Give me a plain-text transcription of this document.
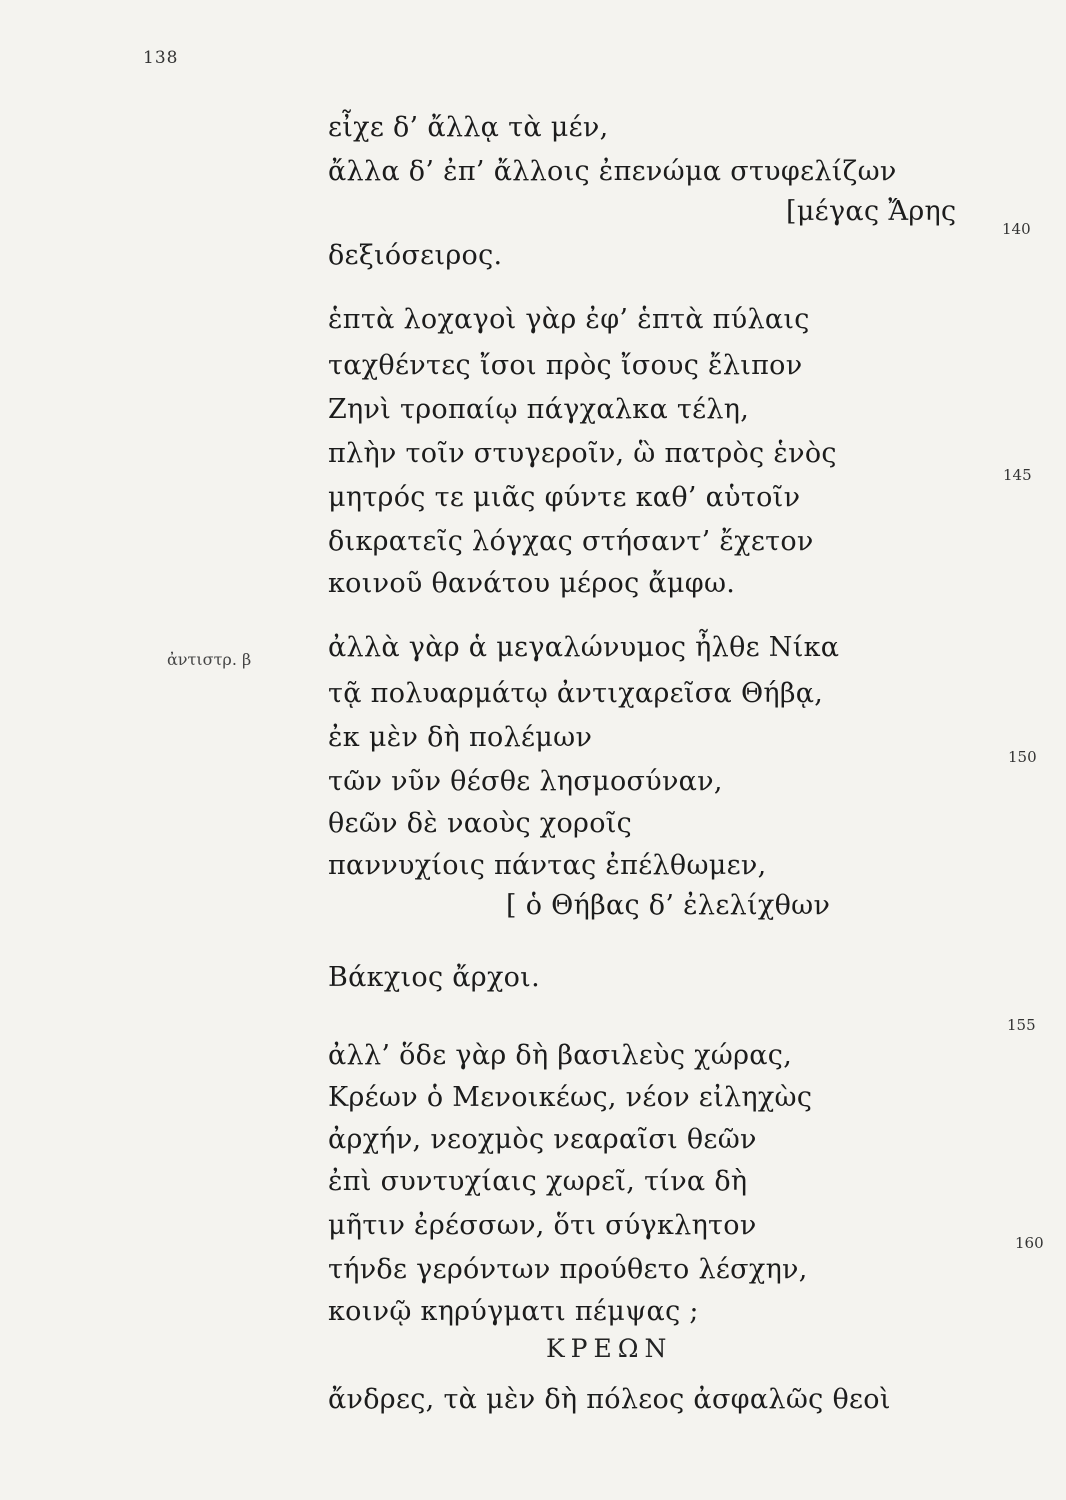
138
εἶχε δ’ ἄλλᾳ τὰ μέν,
ἄλλα δ’ ἐπ’ ἄλλοις ἐπενώμα στυφελίζων
[μέγας Ἄρης
δεξιόσειρος.
140
ἑπτὰ λοχαγοὶ γὰρ ἐφ’ ἑπτὰ πύλαις
ταχθέντες ἴσοι πρὸς ἴσους ἔλιπον
Ζηνὶ τροπαίῳ πάγχαλκα τέλη,
πλὴν τοῖν στυγεροῖν, ὣ πατρὸς ἑνὸς
μητρός τε μιᾶς φύντε καθ’ αὑτοῖν
145
δικρατεῖς λόγχας στήσαντ’ ἔχετον
κοινοῦ θανάτου μέρος ἄμφω.
ἀντιστρ. β	ἀλλὰ γὰρ ἁ μεγαλώνυμος ἦλθε Νίκα
τᾷ πολυαρμάτῳ ἀντιχαρεῖσα Θήβᾳ,
ἐκ μὲν δὴ πολέμων
τῶν νῦν θέσθε λησμοσύναν,
150
θεῶν δὲ ναοὺς χοροῖς
παννυχίοις πάντας ἐπέλθωμεν,
[ ὁ Θήβας δ’ ἐλελίχθων
Βάκχιος ἄρχοι.
ἀλλ’ ὅδε γὰρ δὴ βασιλεὺς χώρας,
155
Κρέων ὁ Μενοικέως, νέον εἰληχὼς
ἀρχήν, νεοχμὸς νεαραῖσι θεῶν
ἐπὶ συντυχίαις χωρεῖ, τίνα δὴ
μῆτιν ἐρέσσων, ὅτι σύγκλητον
τήνδε γερόντων προύθετο λέσχην,
160
κοινῷ κηρύγματι πέμψας ;
ΚΡΕΩΝ
ἄνδρες, τὰ μὲν δὴ πόλεος ἀσφαλῶς θεοὶ
